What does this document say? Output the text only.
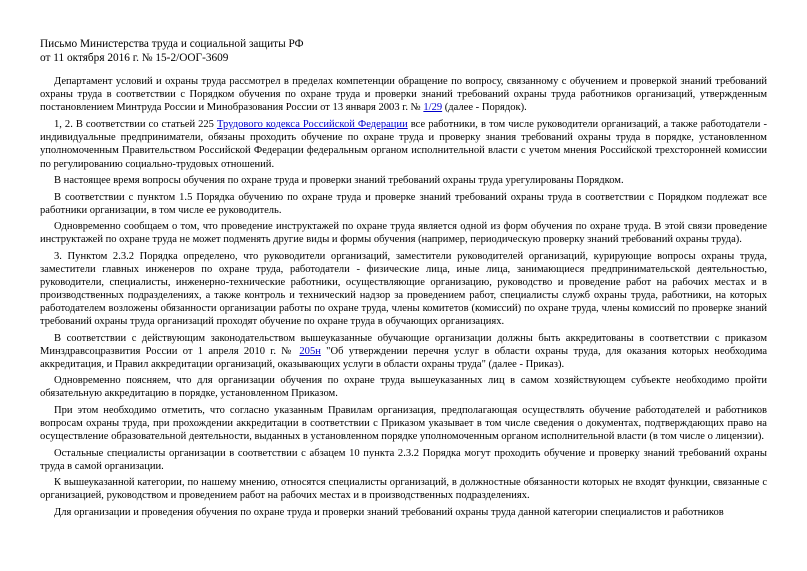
Письмо Министерства труда и социальной защиты РФ
от 11 октября 2016 г. № 15-2/ООГ-3609

Департамент условий и охраны труда рассмотрел в пределах компетенции обращение по вопросу, связанному с обучением и проверкой знаний требований охраны труда в соответствии с Порядком обучения по охране труда и проверки знаний требований охраны труда работников организаций, утвержденным постановлением Минтруда России и Минобразования России от 13 января 2003 г. № 1/29 (далее - Порядок).

1, 2. В соответствии со статьей 225 Трудового кодекса Российской Федерации все работники, в том числе руководители организаций, а также работодатели - индивидуальные предприниматели, обязаны проходить обучение по охране труда и проверку знания требований охраны труда в порядке, установленном уполномоченным Правительством Российской Федерации федеральным органом исполнительной власти с учетом мнения Российской трехсторонней комиссии по регулированию социально-трудовых отношений.

В настоящее время вопросы обучения по охране труда и проверки знаний требований охраны труда урегулированы Порядком.

В соответствии с пунктом 1.5 Порядка обучению по охране труда и проверке знаний требований охраны труда в соответствии с Порядком подлежат все работники организации, в том числе ее руководитель.

Одновременно сообщаем о том, что проведение инструктажей по охране труда является одной из форм обучения по охране труда. В этой связи проведение инструктажей по охране труда не может подменять другие виды и формы обучения (например, периодическую проверку знаний требований охраны труда).

3. Пунктом 2.3.2 Порядка определено, что руководители организаций, заместители руководителей организаций, курирующие вопросы охраны труда, заместители главных инженеров по охране труда, работодатели - физические лица, иные лица, занимающиеся предпринимательской деятельностью, руководители, специалисты, инженерно-технические работники, осуществляющие организацию, руководство и проведение работ на рабочих местах и в производственных подразделениях, а также контроль и технический надзор за проведением работ, специалисты служб охраны труда, работники, на которых работодателем возложены обязанности организации работы по охране труда, члены комитетов (комиссий) по охране труда, члены комиссий по проверке знаний требований охраны труда организаций проходят обучение по охране труда в обучающих организациях.

В соответствии с действующим законодательством вышеуказанные обучающие организации должны быть аккредитованы в соответствии с приказом Минздравсоцразвития России от 1 апреля 2010 г. № 205н "Об утверждении перечня услуг в области охраны труда, для оказания которых необходима аккредитация, и Правил аккредитации организаций, оказывающих услуги в области охраны труда" (далее - Приказ).

Одновременно поясняем, что для организации обучения по охране труда вышеуказанных лиц в самом хозяйствующем субъекте необходимо пройти обязательную аккредитацию в порядке, установленном Приказом.

При этом необходимо отметить, что согласно указанным Правилам организация, предполагающая осуществлять обучение работодателей и работников вопросам охраны труда, при прохождении аккредитации в соответствии с Приказом указывает в том числе сведения о документах, подтверждающих право на осуществление образовательной деятельности, выданных в установленном порядке уполномоченным органом исполнительной власти (в том числе о лицензии).

Остальные специалисты организации в соответствии с абзацем 10 пункта 2.3.2 Порядка могут проходить обучение и проверку знаний требований охраны труда в самой организации.

К вышеуказанной категории, по нашему мнению, относятся специалисты организаций, в должностные обязанности которых не входят функции, связанные с организацией, руководством и проведением работ на рабочих местах и в производственных подразделениях.

Для организации и проведения обучения по охране труда и проверки знаний требований охраны труда данной категории специалистов и работников
